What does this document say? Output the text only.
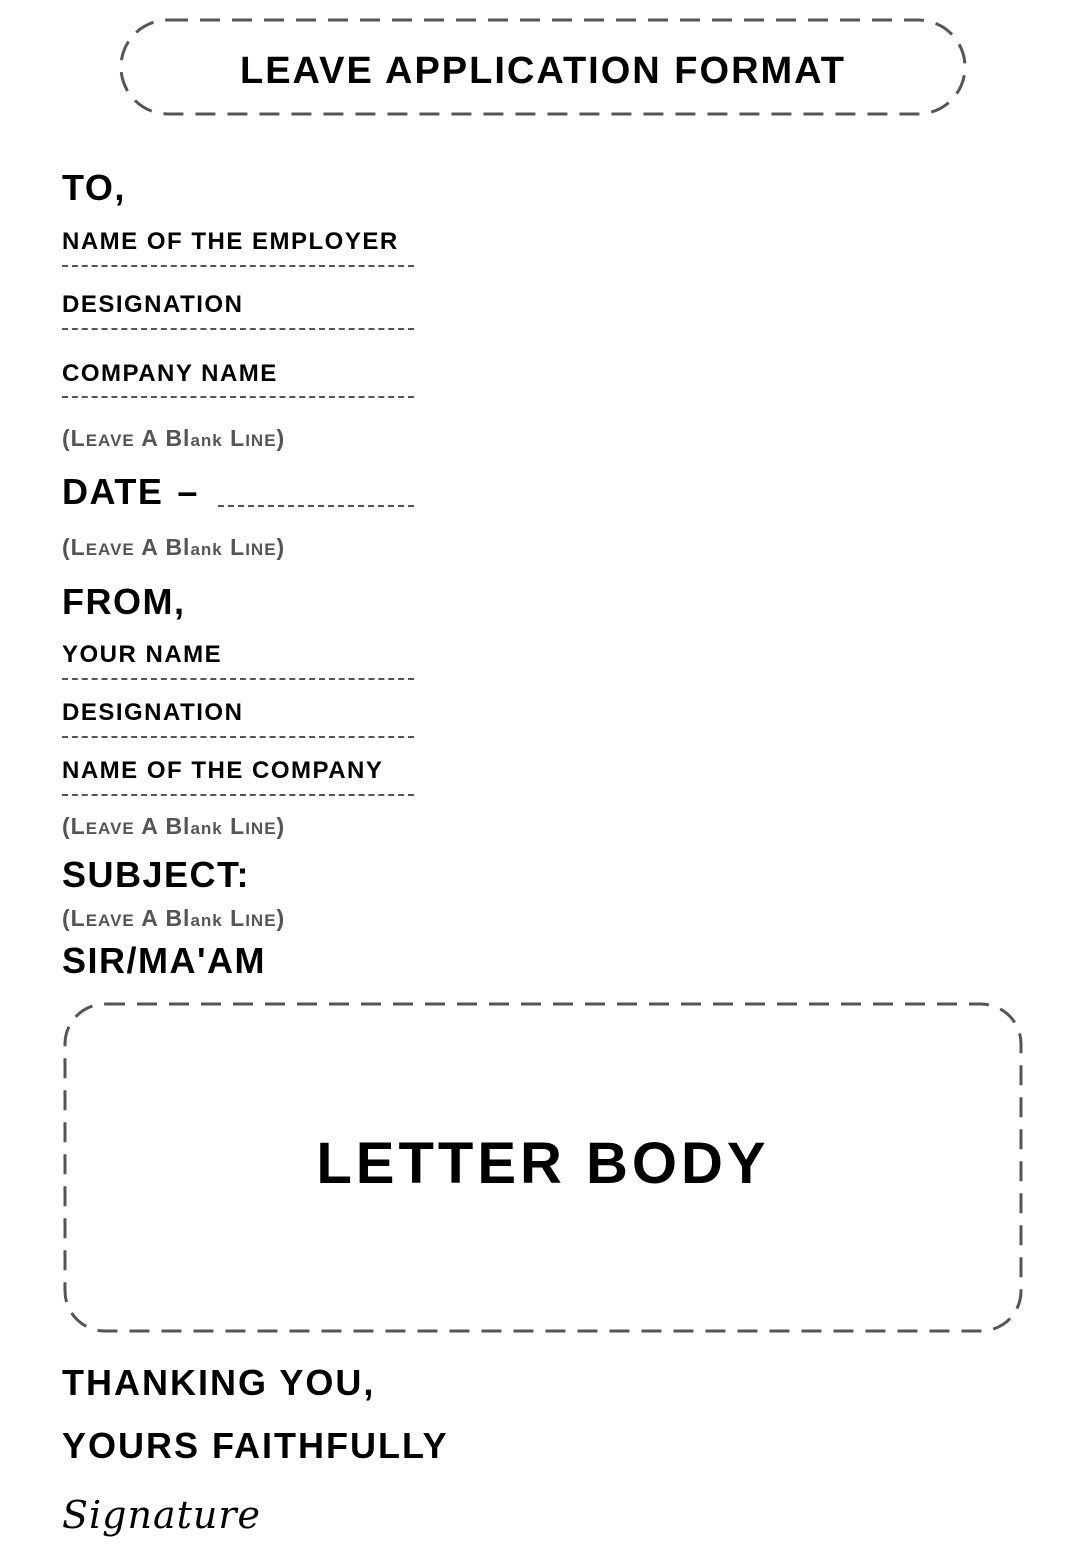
LEAVE APPLICATION FORMAT
TO,
NAME OF THE EMPLOYER
DESIGNATION
COMPANY NAME
(LEAVE A Blank LINE)
DATE –
(LEAVE A Blank LINE)
FROM,
YOUR NAME
DESIGNATION
NAME OF THE COMPANY
(LEAVE A Blank LINE)
SUBJECT:
(LEAVE A Blank LINE)
SIR/MA'AM
LETTER BODY
THANKING YOU,
YOURS FAITHFULLY
Signature
